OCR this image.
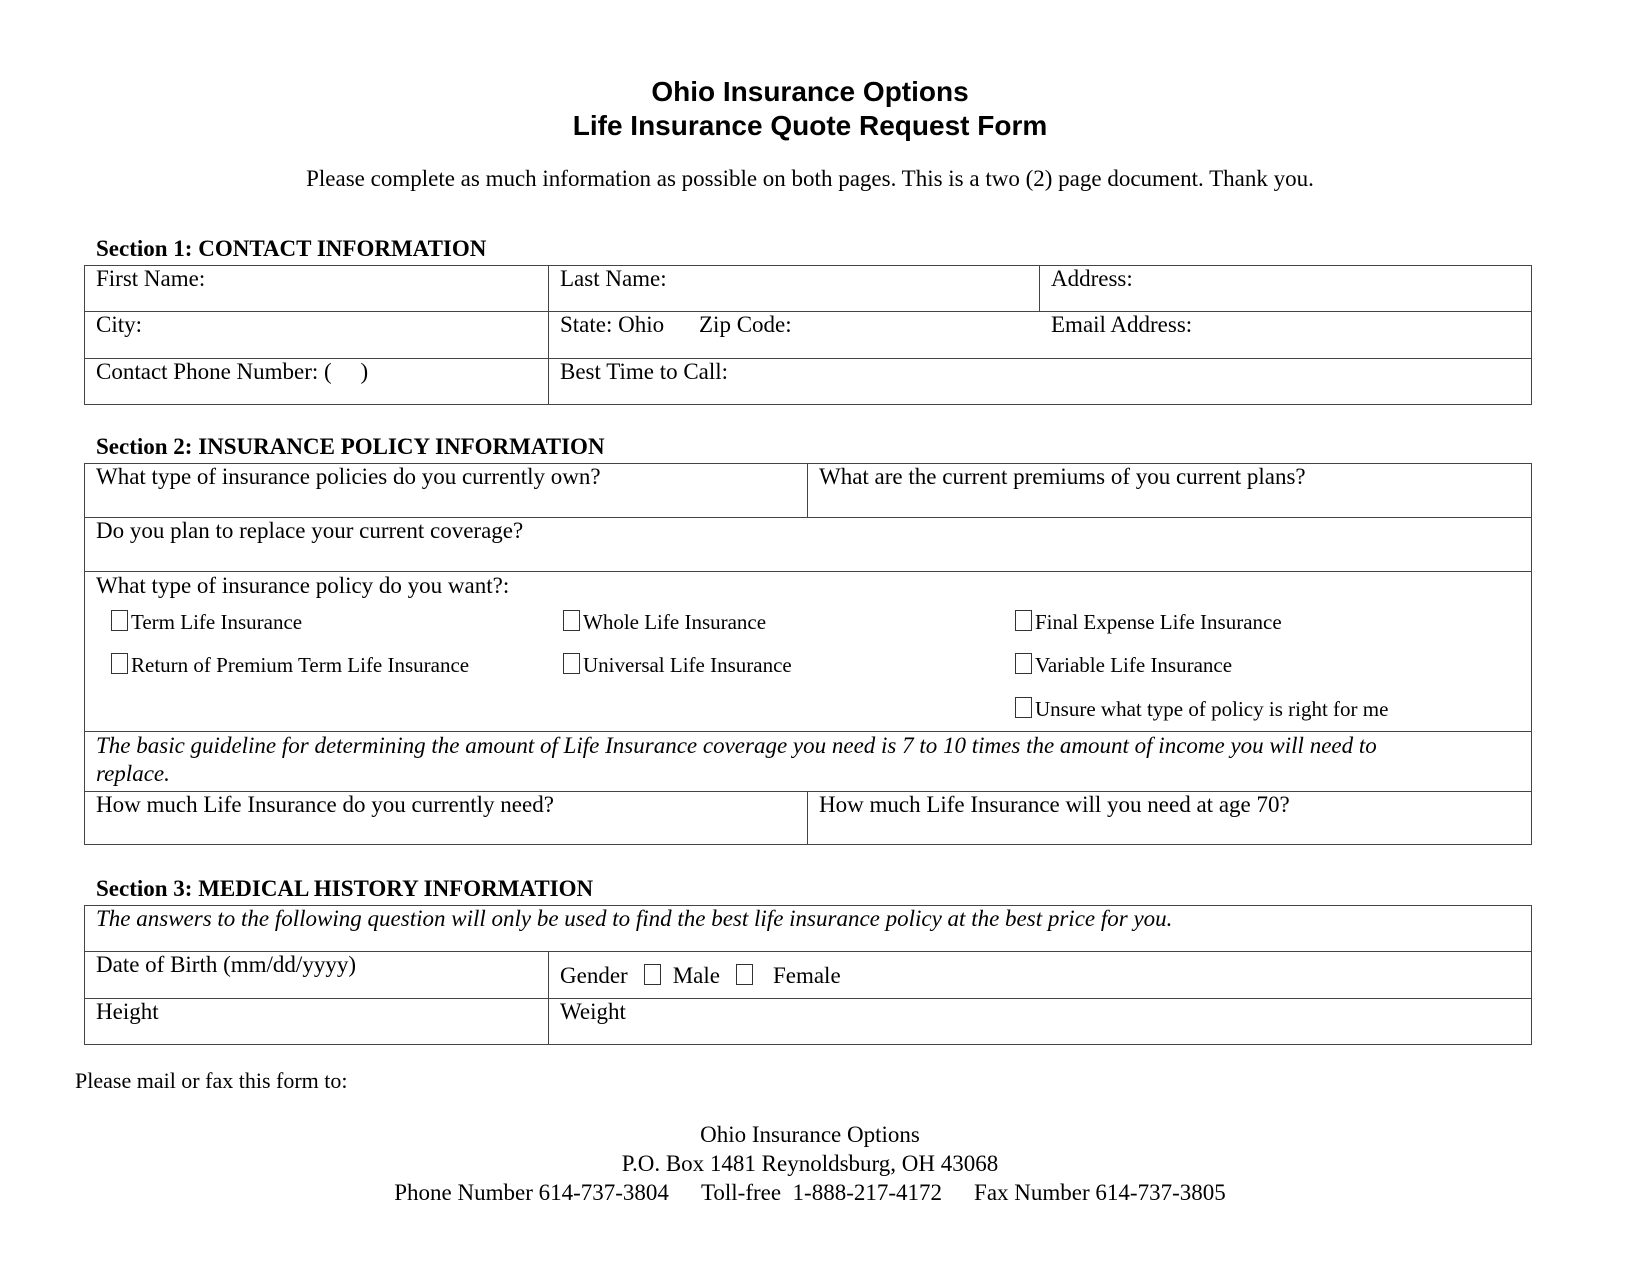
Ohio Insurance Options
Life Insurance Quote Request Form
Please complete as much information as possible on both pages. This is a two (2) page document. Thank you.
Section 1: CONTACT INFORMATION
First Name:	Last Name:	Address:
City:	State: Ohio Zip Code:	Email Address:
Contact Phone Number: (     )	Best Time to Call:
Section 2: INSURANCE POLICY INFORMATION
What type of insurance policies do you currently own?	What are the current premiums of you current plans?
Do you plan to replace your current coverage?
What type of insurance policy do you want?:
Term Life Insurance	Whole Life Insurance	Final Expense Life Insurance
Return of Premium Term Life Insurance	Universal Life Insurance	Variable Life Insurance
Unsure what type of policy is right for me
The basic guideline for determining the amount of Life Insurance coverage you need is 7 to 10 times the amount of income you will need to
replace.
How much Life Insurance do you currently need?	How much Life Insurance will you need at age 70?
Section 3: MEDICAL HISTORY INFORMATION
The answers to the following question will only be used to find the best life insurance policy at the best price for you.
Date of Birth (mm/dd/yyyy)	Gender Male Female
Height	Weight
Please mail or fax this form to:
Ohio Insurance Options
P.O. Box 1481 Reynoldsburg, OH 43068
Phone Number 614-737-3804 Toll-free  1-888-217-4172 Fax Number 614-737-3805
